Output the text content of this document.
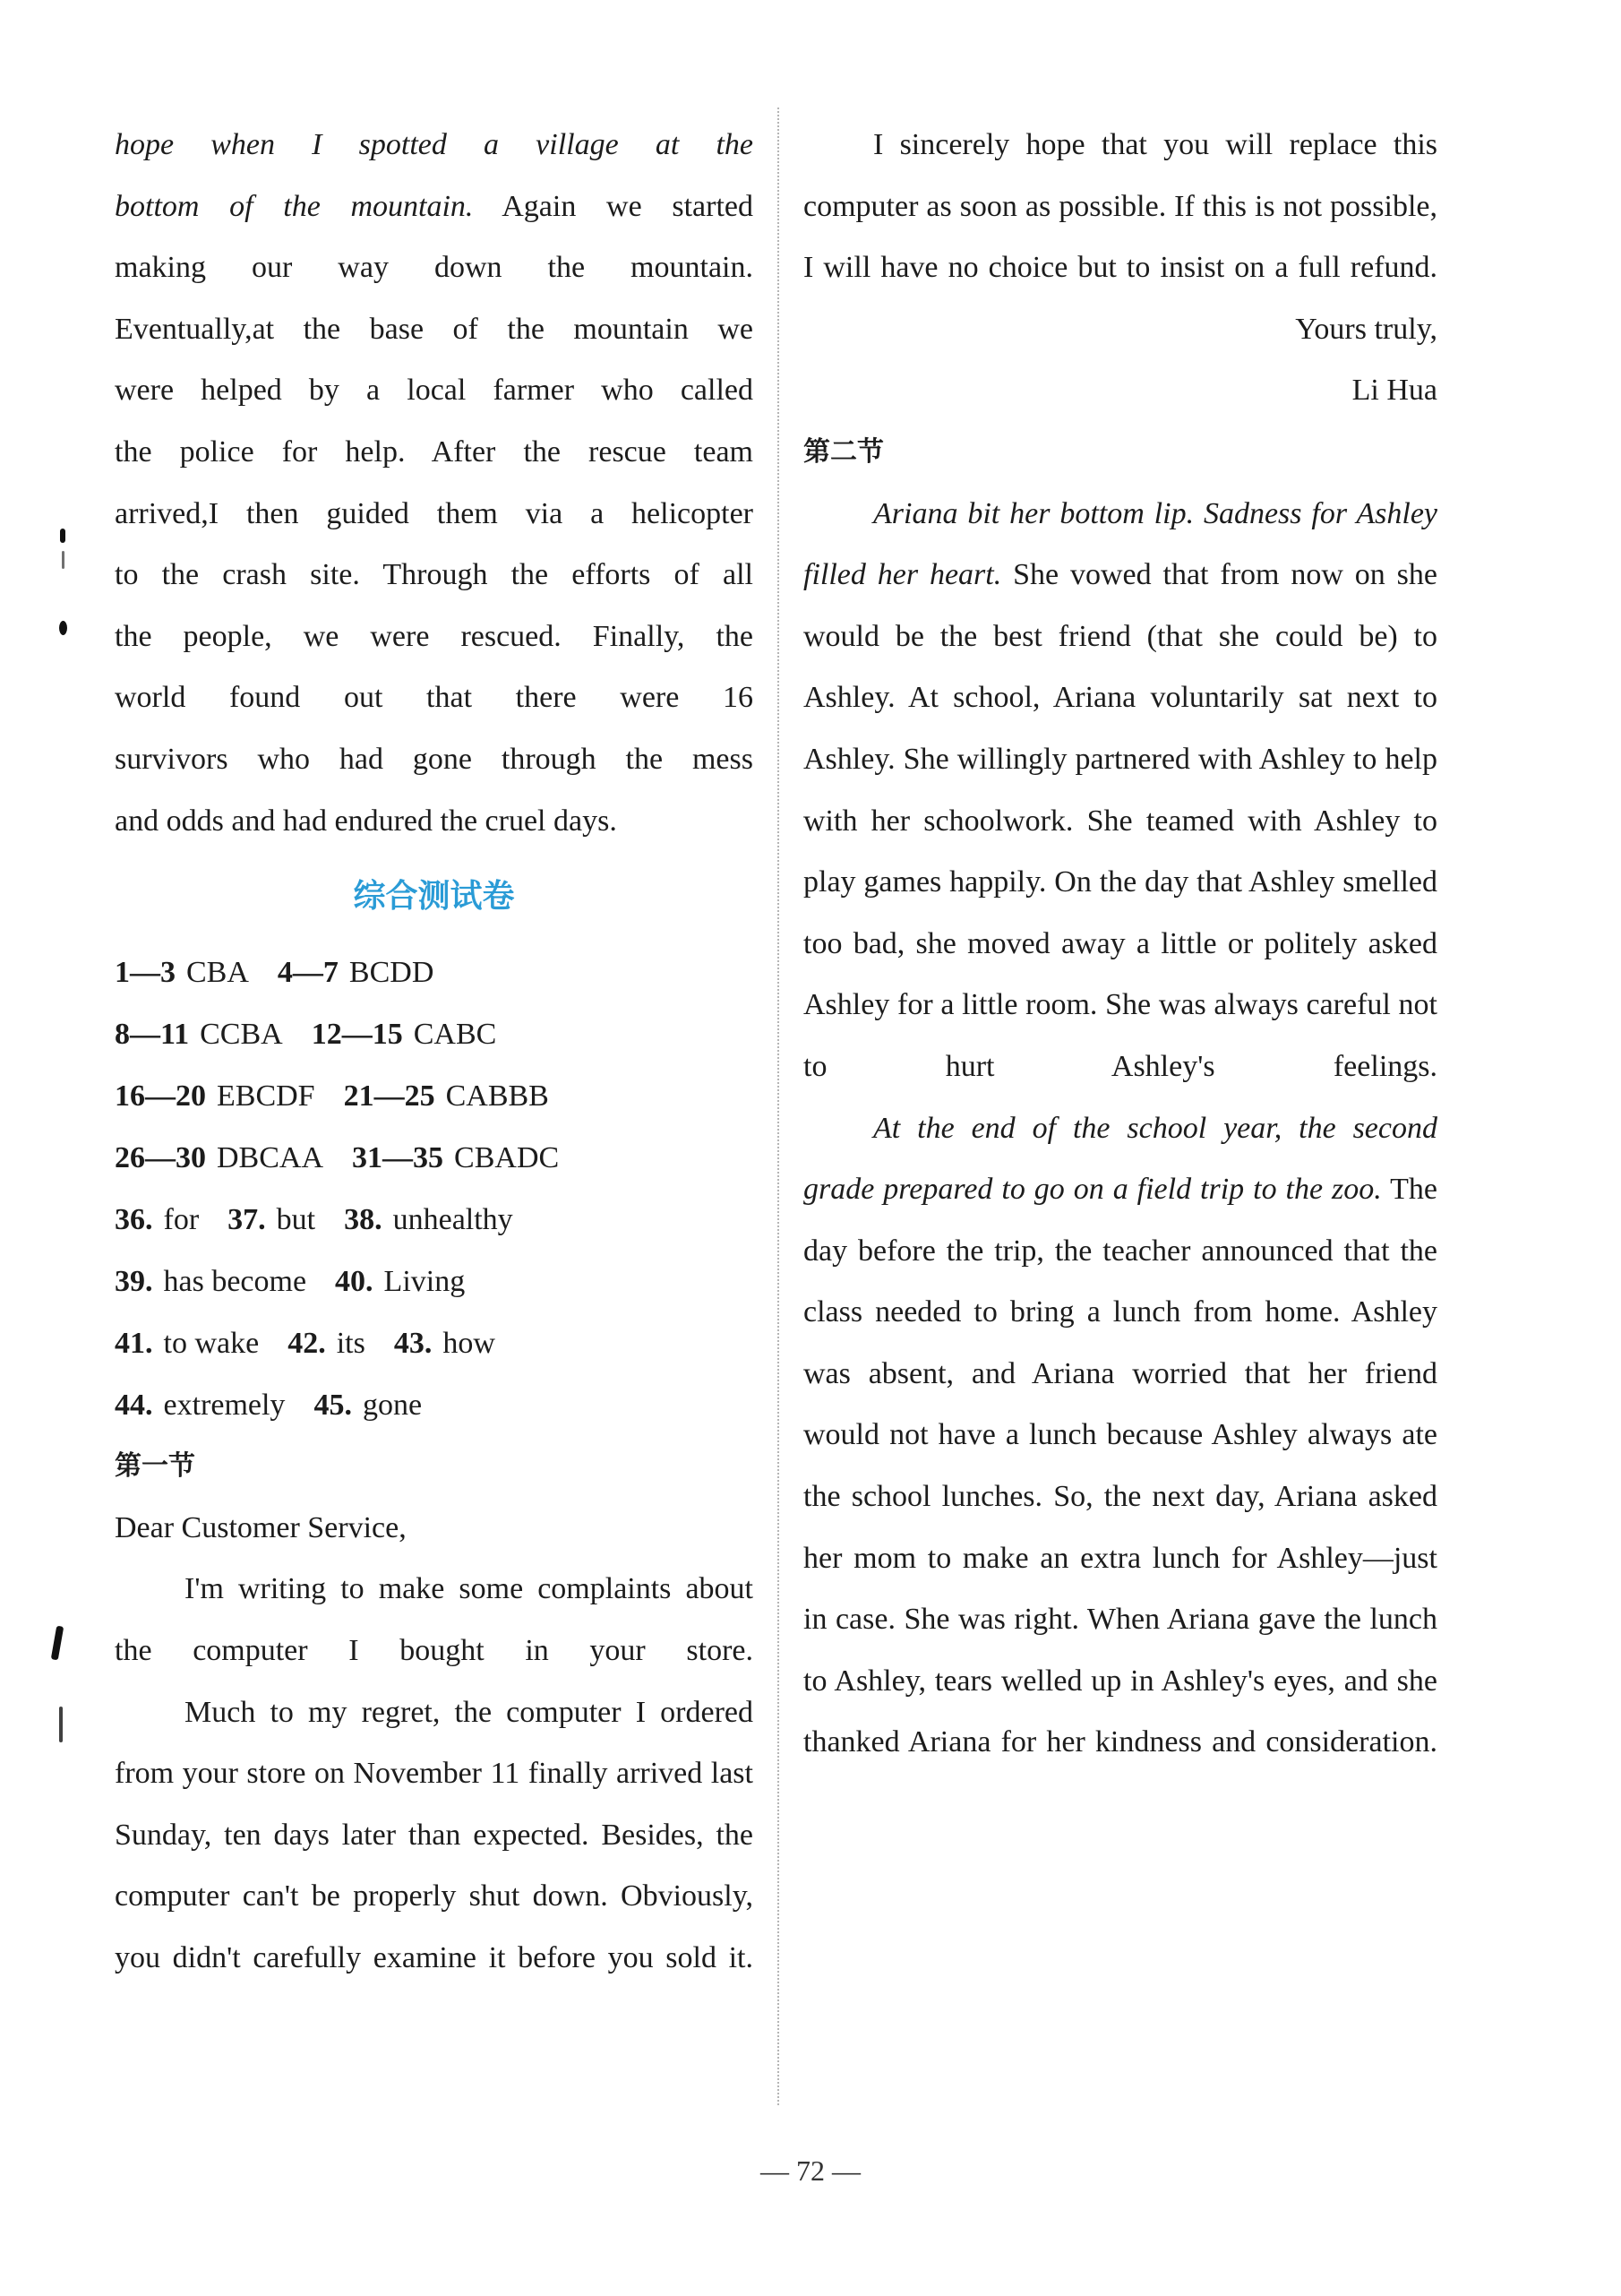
hope when I spotted a village at the

bottom of the mountain. Again we started

making our way down the mountain.

Eventually,at the base of the mountain we

were helped by a local farmer who called

the police for help. After the rescue team

arrived,I then guided them via a helicopter

to the crash site. Through the efforts of all

the people, we were rescued. Finally, the

world found out that there were 16

survivors who had gone through the mess

and odds and had endured the cruel days.

综合测试卷
1—3 CBA 4—7 BCDD
8—11 CCBA 12—15 CABC
16—20 EBCDF 21—25 CABBB
26—30 DBCAA 31—35 CBADC
36. for 37. but 38. unhealthy
39. has become 40. Living
41. to wake 42. its 43. how
44. extremely 45. gone
第一节

Dear Customer Service,

I'm writing to make some complaints about the computer I bought in your store.

Much to my regret, the computer I ordered from your store on November 11 finally arrived last Sunday, ten days later than expected. Besides, the computer can't be properly shut down. Obviously, you didn't carefully examine it before you sold it.

I sincerely hope that you will replace this computer as soon as possible. If this is not possible, I will have no choice but to insist on a full refund.

Yours truly,

Li Hua

第二节

Ariana bit her bottom lip. Sadness for Ashley filled her heart. She vowed that from now on she would be the best friend (that she could be) to Ashley. At school, Ariana voluntarily sat next to Ashley. She willingly partnered with Ashley to help with her schoolwork. She teamed with Ashley to play games happily. On the day that Ashley smelled too bad, she moved away a little or politely asked Ashley for a little room. She was always careful not to hurt Ashley's feelings.

At the end of the school year, the second grade prepared to go on a field trip to the zoo. The day before the trip, the teacher announced that the class needed to bring a lunch from home. Ashley was absent, and Ariana worried that her friend would not have a lunch because Ashley always ate the school lunches. So, the next day, Ariana asked her mom to make an extra lunch for Ashley—just in case. She was right. When Ariana gave the lunch to Ashley, tears welled up in Ashley's eyes, and she thanked Ariana for her kindness and consideration.

— 72 —
